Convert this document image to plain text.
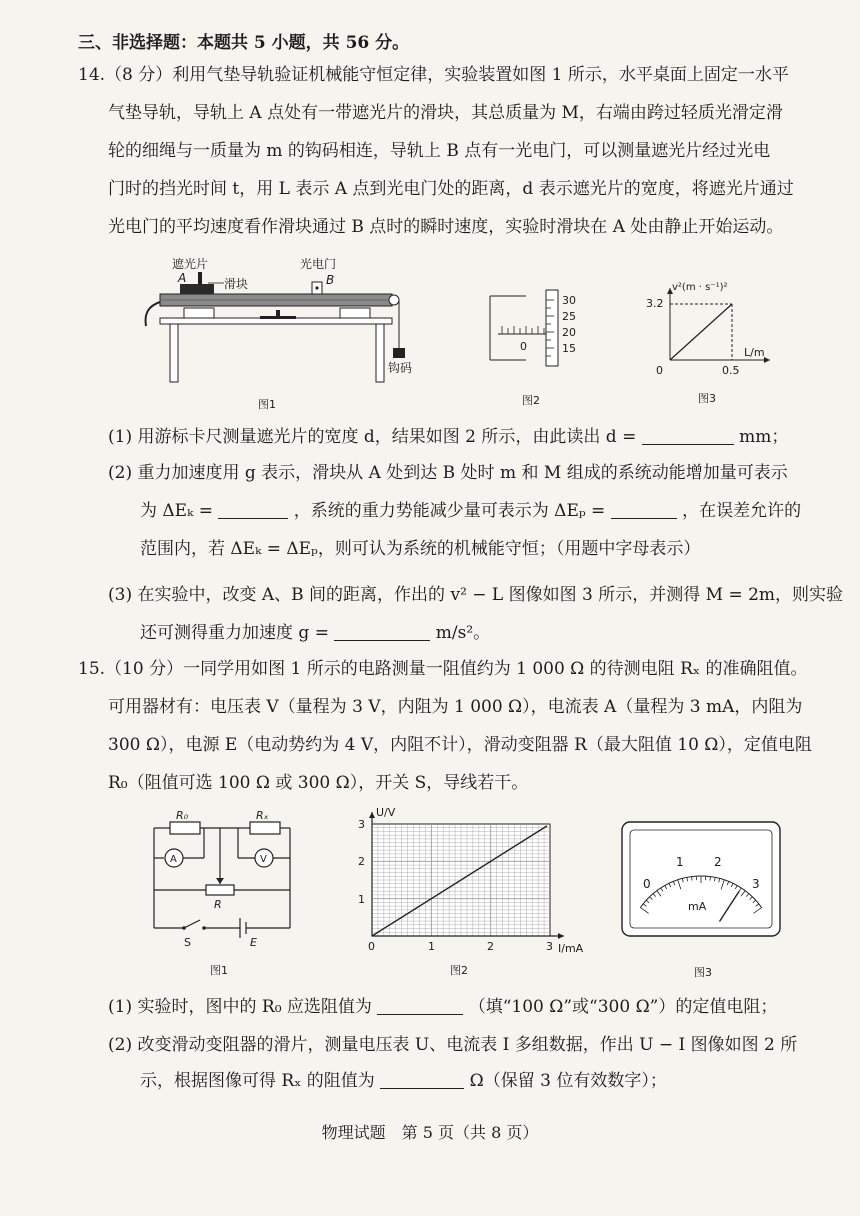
三、非选择题：本题共 5 小题，共 56 分。
14.（8 分）利用气垫导轨验证机械能守恒定律，实验装置如图 1 所示，水平桌面上固定一水平
气垫导轨，导轨上 A 点处有一带遮光片的滑块，其总质量为 M，右端由跨过轻质光滑定滑
轮的细绳与一质量为 m 的钩码相连，导轨上 B 点有一光电门，可以测量遮光片经过光电
门时的挡光时间 t，用 L 表示 A 点到光电门处的距离，d 表示遮光片的宽度，将遮光片通过
光电门的平均速度看作滑块通过 B 点时的瞬时速度，实验时滑块在 A 处由静止开始运动。
遮光片
A	滑块
光电门
B
钩码
图1
30
25
20
15
0
图2
v²(m · s⁻¹)²
L/m
3.2
0.5
0
图3
(1) 用游标卡尺测量遮光片的宽度 d，结果如图 2 所示，由此读出 d =	mm；
(2) 重力加速度用 g 表示，滑块从 A 处到达 B 处时 m 和 M 组成的系统动能增加量可表示
为 ΔEₖ =	，系统的重力势能减少量可表示为 ΔEₚ =	，在误差允许的
范围内，若 ΔEₖ = ΔEₚ，则可认为系统的机械能守恒；（用题中字母表示）
(3) 在实验中，改变 A、B 间的距离，作出的 v² − L 图像如图 3 所示，并测得 M = 2m，则实验
还可测得重力加速度 g =	m/s²。
15.（10 分）一同学用如图 1 所示的电路测量一阻值约为 1 000 Ω 的待测电阻 Rₓ 的准确阻值。
可用器材有：电压表 V（量程为 3 V，内阻为 1 000 Ω），电流表 A（量程为 3 mA，内阻为
300 Ω），电源 E（电动势约为 4 V，内阻不计），滑动变阻器 R（最大阻值 10 Ω），定值电阻
R₀（阻值可选 100 Ω 或 300 Ω），开关 S，导线若干。
R₀	Rₓ
A	V
R
S	E
图1
U/V
I/mA
0	1	2	3
1
2
3
图2
0
1	2
3
mA
图3
(1) 实验时，图中的 R₀ 应选阻值为	（填“100 Ω”或“300 Ω”）的定值电阻；
(2) 改变滑动变阻器的滑片，测量电压表 U、电流表 I 多组数据，作出 U − I 图像如图 2 所
示，根据图像可得 Rₓ 的阻值为	Ω（保留 3 位有效数字）；
物理试题　第 5 页（共 8 页）
